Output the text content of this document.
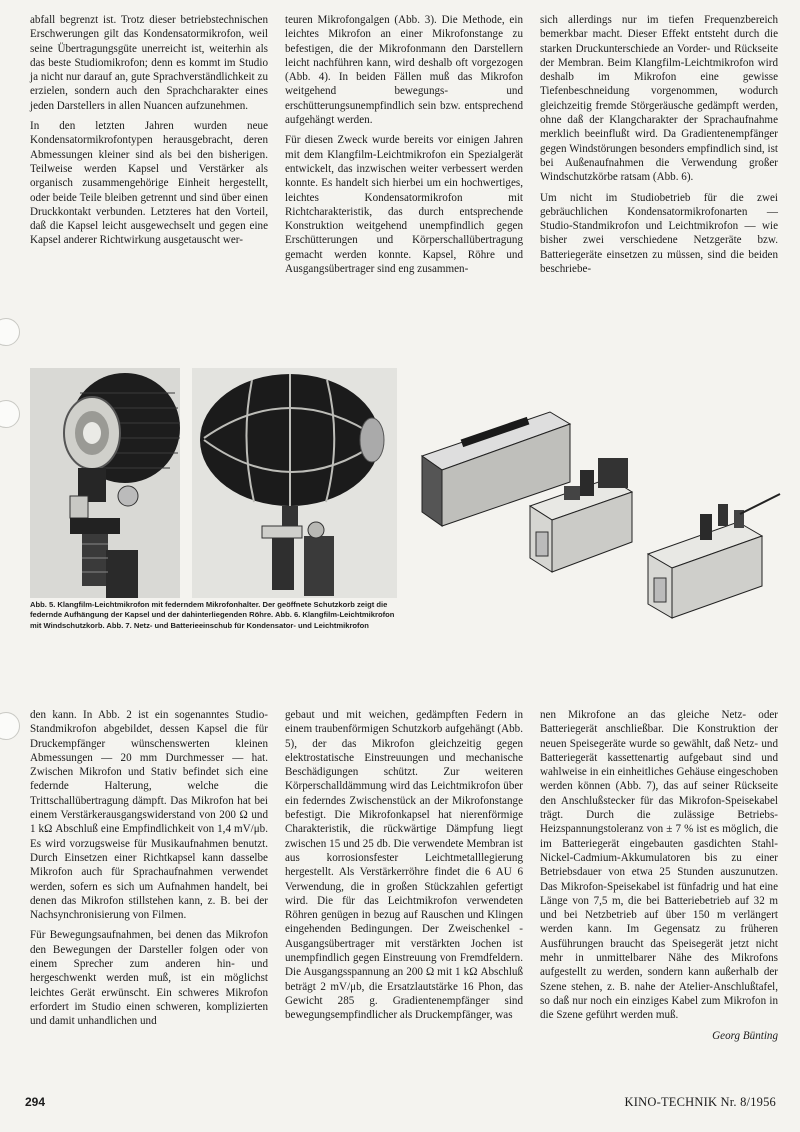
abfall begrenzt ist. Trotz dieser betriebstechnischen Erschwerungen gilt das Kondensatormikrofon, weil seine Übertragungsgüte unerreicht ist, weiterhin als das beste Studiomikrofon; denn es kommt im Studio ja nicht nur darauf an, gute Sprachverständlichkeit zu erzielen, sondern auch den Sprachcharakter eines jeden Darstellers in allen Nuancen aufzunehmen.

In den letzten Jahren wurden neue Kondensatormikrofontypen herausgebracht, deren Abmessungen kleiner sind als bei den bisherigen. Teilweise werden Kapsel und Verstärker als organisch zusammengehörige Einheit hergestellt, oder beide Teile bleiben getrennt und sind über einen Druckkontakt verbunden. Letzteres hat den Vorteil, daß die Kapsel leicht ausgewechselt und gegen eine Kapsel anderer Richtwirkung ausgetauscht wer-

teuren Mikrofongalgen (Abb. 3). Die Methode, ein leichtes Mikrofon an einer Mikrofonstange zu befestigen, die der Mikrofonmann den Darstellern leicht nachführen kann, wird deshalb oft vorgezogen (Abb. 4). In beiden Fällen muß das Mikrofon weitgehend bewegungs- und erschütterungsunempfindlich sein bzw. entsprechend aufgehängt werden.

Für diesen Zweck wurde bereits vor einigen Jahren mit dem Klangfilm-Leichtmikrofon ein Spezialgerät entwickelt, das inzwischen weiter verbessert werden konnte. Es handelt sich hierbei um ein hochwertiges, leichtes Kondensatormikrofon mit Richtcharakteristik, das durch entsprechende Konstruktion weitgehend unempfindlich gegen Erschütterungen und Körperschallübertragung gemacht werden konnte. Kapsel, Röhre und Ausgangsübertrager sind eng zusammen-

sich allerdings nur im tiefen Frequenzbereich bemerkbar macht. Dieser Effekt entsteht durch die starken Druckunterschiede an Vorder- und Rückseite der Membran. Beim Klangfilm-Leichtmikrofon wird deshalb im Mikrofon eine gewisse Tiefenbeschneidung vorgenommen, wodurch gleichzeitig fremde Störgeräusche gedämpft werden, ohne daß der Klangcharakter der Sprachaufnahme merklich beeinflußt wird. Da Gradientenempfänger gegen Windstörungen besonders empfindlich sind, ist bei Außenaufnahmen die Verwendung großer Windschutzkörbe ratsam (Abb. 6).

Um nicht im Studiobetrieb für die zwei gebräuchlichen Kondensatormikrofonarten — Studio-Standmikrofon und Leichtmikrofon — wie bisher zwei verschiedene Netzgeräte bzw. Batteriegeräte einsetzen zu müssen, sind die beiden beschriebe-

Abb. 5. Klangfilm-Leichtmikrofon mit federndem Mikrofonhalter. Der geöffnete Schutzkorb zeigt die federnde Aufhängung der Kapsel und der dahinterliegenden Röhre. Abb. 6. Klangfilm-Leichtmikrofon mit Windschutzkorb. Abb. 7. Netz- und Batterieeinschub für Kondensator- und Leichtmikrofon

den kann. In Abb. 2 ist ein sogenanntes Studio-Standmikrofon abgebildet, dessen Kapsel die für Druckempfänger wünschenswerten kleinen Abmessungen — 20 mm Durchmesser — hat. Zwischen Mikrofon und Stativ befindet sich eine federnde Halterung, welche die Trittschallübertragung dämpft. Das Mikrofon hat bei einem Verstärkerausgangswiderstand von 200 Ω und 1 kΩ Abschluß eine Empfindlichkeit von 1,4 mV/μb. Es wird vorzugsweise für Musikaufnahmen benutzt. Durch Einsetzen einer Richtkapsel kann dasselbe Mikrofon auch für Sprachaufnahmen verwendet werden, sofern es sich um Aufnahmen handelt, bei denen das Mikrofon stillstehen kann, z. B. bei der Nachsynchronisierung von Filmen.

Für Bewegungsaufnahmen, bei denen das Mikrofon den Bewegungen der Darsteller folgen oder von einem Sprecher zum anderen hin- und hergeschwenkt werden muß, ist ein möglichst leichtes Gerät erwünscht. Ein schweres Mikrofon erfordert im Studio einen schweren, komplizierten und damit unhandlichen und

gebaut und mit weichen, gedämpften Federn in einem traubenförmigen Schutzkorb aufgehängt (Abb. 5), der das Mikrofon gleichzeitig gegen elektrostatische Einstreuungen und mechanische Beschädigungen schützt. Zur weiteren Körperschalldämmung wird das Leichtmikrofon über ein federndes Zwischenstück an der Mikrofonstange befestigt. Die Mikrofonkapsel hat nierenförmige Charakteristik, die rückwärtige Dämpfung liegt zwischen 15 und 25 db. Die verwendete Membran ist aus korrosionsfester Leichtmetalllegierung hergestellt. Als Verstärkerröhre findet die 6 AU 6 Verwendung, die in großen Stückzahlen gefertigt wird. Die für das Leichtmikrofon verwendeten Röhren genügen in bezug auf Rauschen und Klingen eingehenden Bedingungen. Der Zweischenkel - Ausgangsübertrager mit verstärkten Jochen ist unempfindlich gegen Einstreuung von Fremdfeldern. Die Ausgangsspannung an 200 Ω mit 1 kΩ Abschluß beträgt 2 mV/μb, die Ersatzlautstärke 16 Phon, das Gewicht 285 g. Gradientenempfänger sind bewegungsempfindlicher als Druckempfänger, was

nen Mikrofone an das gleiche Netz- oder Batteriegerät anschließbar. Die Konstruktion der neuen Speisegeräte wurde so gewählt, daß Netz- und Batteriegerät kassettenartig aufgebaut sind und wahlweise in ein einheitliches Gehäuse eingeschoben werden können (Abb. 7), das auf seiner Rückseite den Anschlußstecker für das Mikrofon-Speisekabel trägt. Durch die zulässige Betriebs-Heizspannungstoleranz von ± 7 % ist es möglich, die im Batteriegerät eingebauten gasdichten Stahl-Nickel-Cadmium-Akkumulatoren bis zu einer Betriebsdauer von etwa 25 Stunden auszunutzen. Das Mikrofon-Speisekabel ist fünfadrig und hat eine Länge von 7,5 m, die bei Batteriebetrieb auf 32 m und bei Netzbetrieb auf über 150 m verlängert werden kann. Im Gegensatz zu früheren Ausführungen braucht das Speisegerät jetzt nicht mehr in unmittelbarer Nähe des Mikrofons aufgestellt zu werden, sondern kann außerhalb der Szene stehen, z. B. nahe der Atelier-Anschlußtafel, so daß nur noch ein einziges Kabel zum Mikrofon in die Szene geführt werden muß.

Georg Bünting
294	KINO-TECHNIK Nr. 8/1956
